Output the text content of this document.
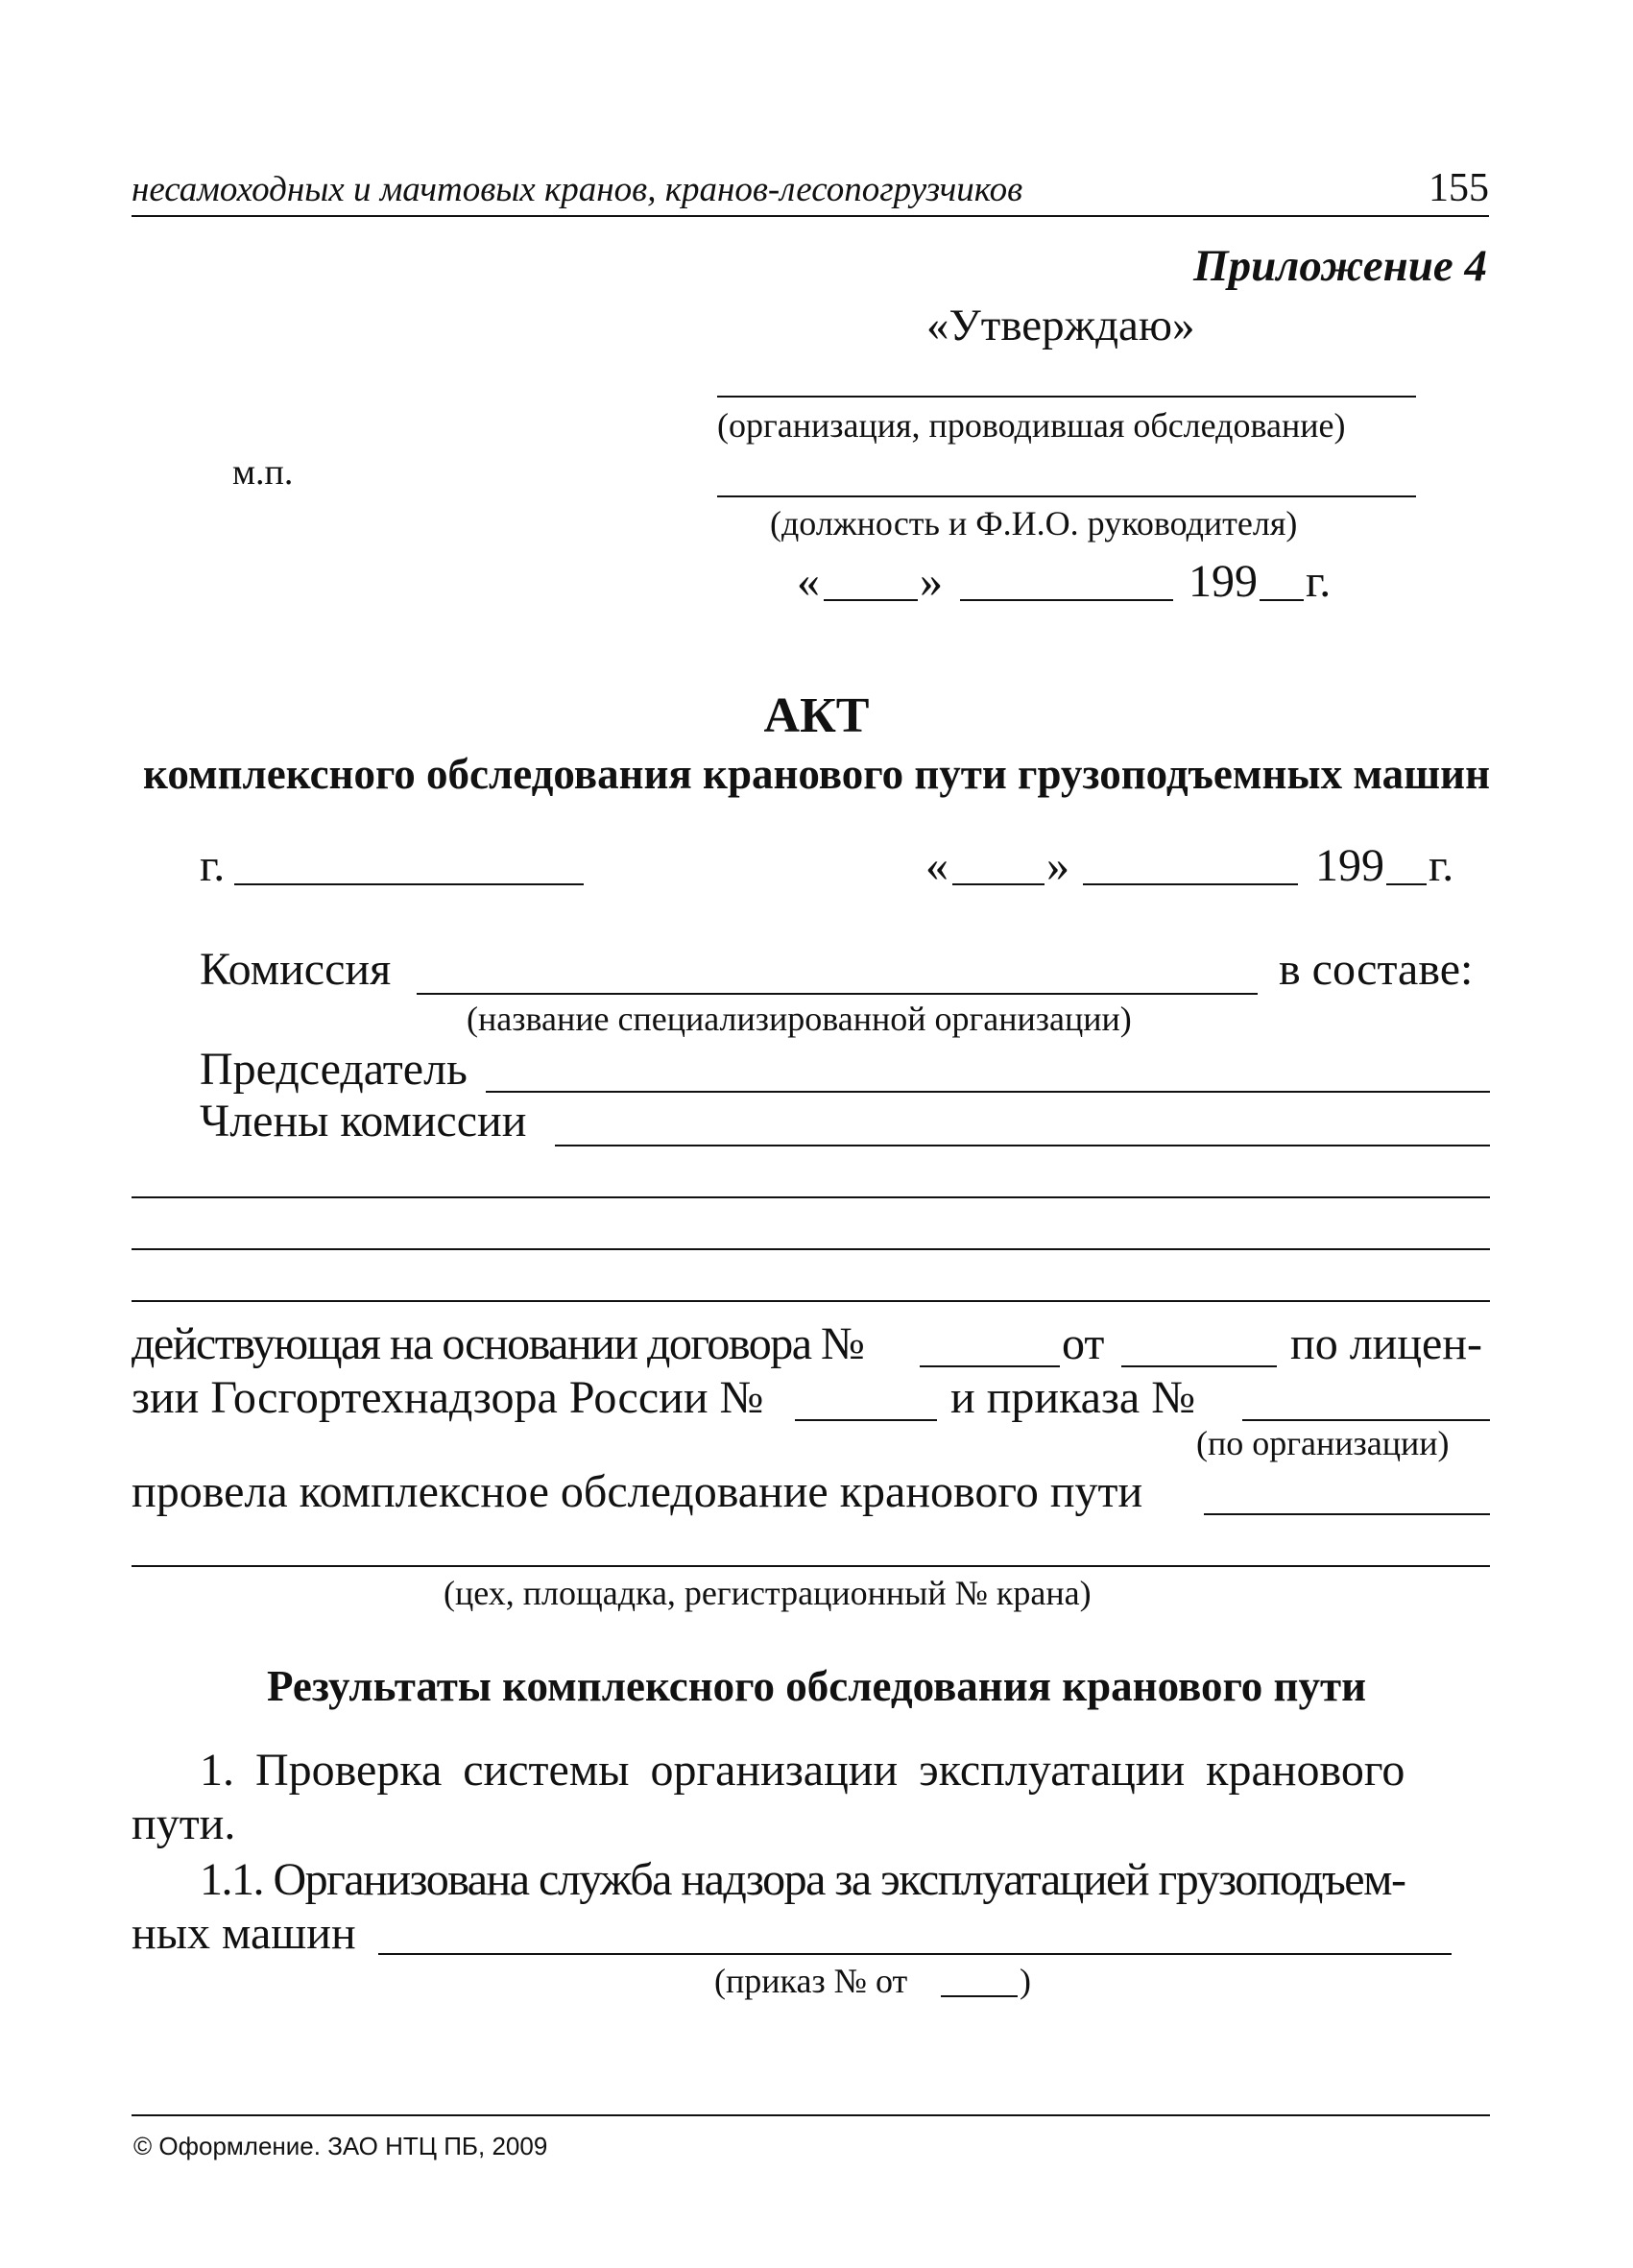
несамоходных и мачтовых кранов, кранов-лесопогрузчиков	155
Приложение 4
«Утверждаю»
(организация, проводившая обследование)
м.п.
(должность и Ф.И.О. руководителя)
« »	199 г.
АКТ
комплексного обследования кранового пути грузоподъемных машин
г.	« »	199 г.
Комиссия	в составе:
(название специализированной организации)
Председатель
Члены комиссии
действующая на основании договора №	от	по лицен-
зии Госгортехнадзора России №	и приказа №
(по организации)
провела комплексное обследование кранового пути
(цех, площадка, регистрационный № крана)
Результаты комплексного обследования кранового пути
1. Проверка системы организации эксплуатации кранового
пути.
1.1. Организована служба надзора за эксплуатацией грузоподъем-
ных машин
(приказ № от	)
© Оформление. ЗАО НТЦ ПБ, 2009
